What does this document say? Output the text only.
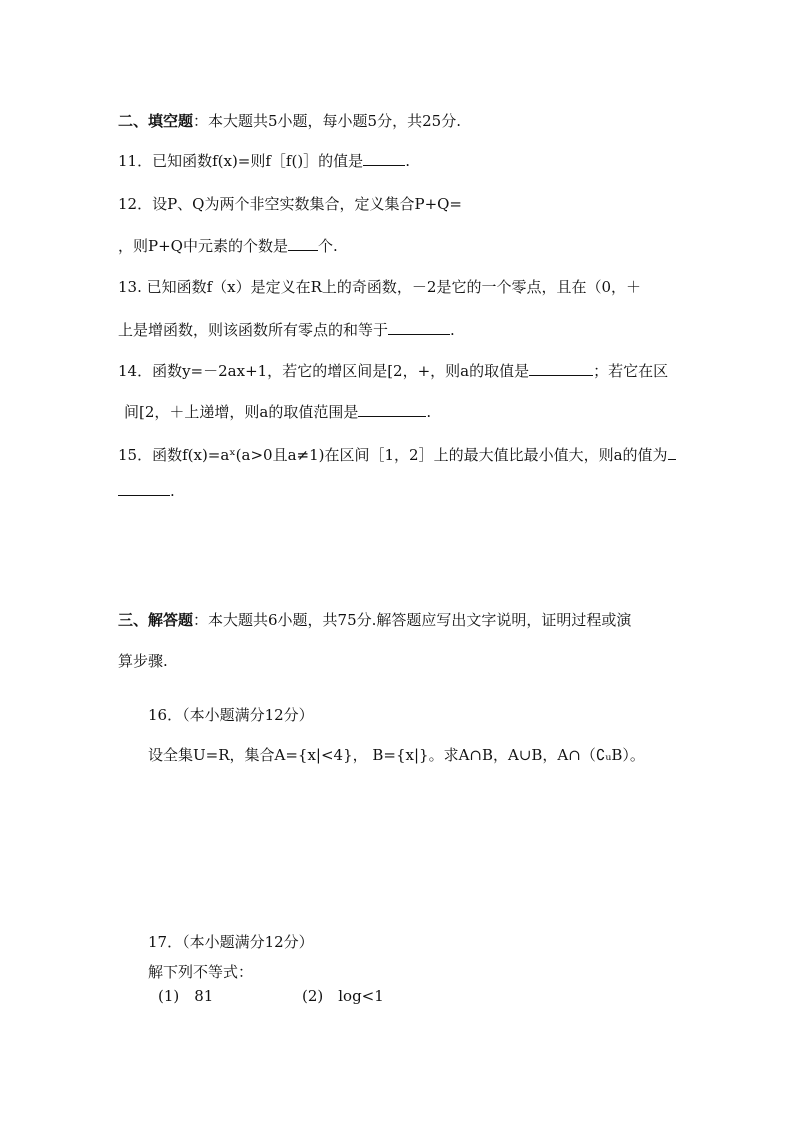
二、填空题：本大题共5小题，每小题5分，共25分.
11．已知函数f(x)=则f［f()］的值是	.
12．设P、Q为两个非空实数集合，定义集合P+Q=
，则P+Q中元素的个数是 个.
13. 已知函数f（x）是定义在R上的奇函数，－2是它的一个零点，且在（0，＋
上是增函数，则该函数所有零点的和等于	.
14．函数y=－2ax+1，若它的增区间是[2，+，则a的取值是	；若它在区
间[2，＋上递增，则a的取值范围是	.
15．函数f(x)=aˣ(a>0且a≠1)在区间［1，2］上的最大值比最小值大，则a的值为
.
三、解答题：本大题共6小题，共75分.解答题应写出文字说明，证明过程或演
算步骤.
16．（本小题满分12分）
设全集U=R，集合A={x|<4}， B={x|}。求A∩B，A∪B，A∩（∁ᵤB）。
17．（本小题满分12分）
解下列不等式：
(1)　81	(2)　log<1
